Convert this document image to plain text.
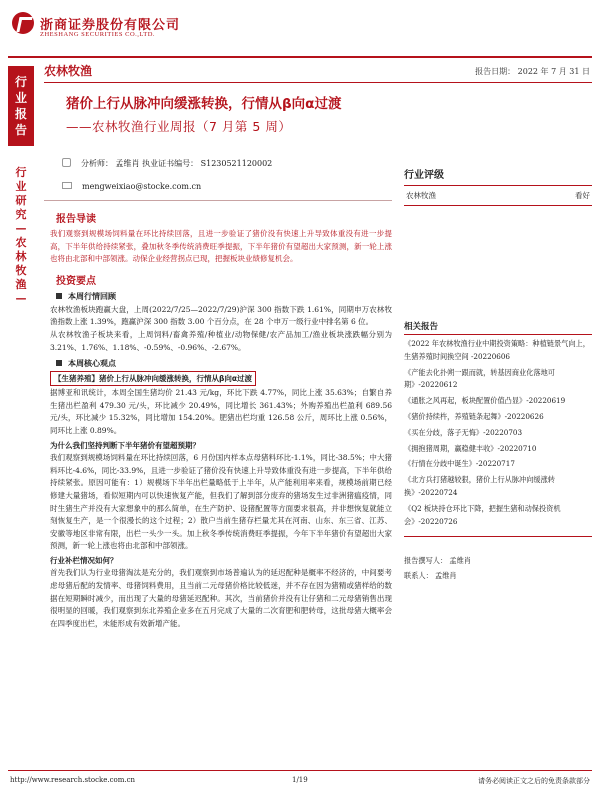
浙商证券股份有限公司
ZHESHANG SECURITIES CO.,LTD.
行
业
报
告
行
业
研
究
—
农
林
牧
渔
—
农林牧渔	报告日期： 2022 年 7 月 31 日
猪价上行从脉冲向缓涨转换，行情从β向α过渡
——农林牧渔行业周报（7 月第 5 周）
分析师： 孟维肖 执业证书编号： S1230521120002
mengweixiao@stocke.com.cn
报告导读
我们观察到规模场饲料量在环比持续回落，且进一步验证了猪价没有快速上升导致体重没有进一步提高，下半年供给持续紧张，叠加秋冬季传统消费旺季提振，下半年猪价有望超出大家预测，新一轮上涨也将由北部和中部领涨。动保企业经营拐点已现，把握板块业绩修复机会。
投资要点
本周行情回顾
农林牧渔板块跑赢大盘，上周(2022/7/25—2022/7/29)沪深 300 指数下跌 1.61%，同期申万农林牧渔指数上涨 1.39%，跑赢沪深 300 指数 3.00 个百分点，在 28 个申万一级行业中排名第 6 位。
从农林牧渔子板块来看，上周饲料/畜禽养殖/种植业/动物保健/农产品加工/渔业板块涨跌幅分别为 3.21%、1.76%、1.18%、-0.59%、-0.96%、-2.67%。
本周核心观点
【生猪养殖】猪价上行从脉冲向缓涨转换，行情从β向α过渡
据博亚和讯统计，本周全国生猪均价 21.43 元/kg，环比下跌 4.77%，同比上涨 35.63%；自繁自养生猪出栏盈利 479.30 元/头，环比减少 20.49%，同比增长 361.43%；外购养殖出栏盈利 689.56 元/头，环比减少 15.32%，同比增加 154.20%。肥猪出栏均重 126.58 公斤，周环比上涨 0.56%，同环比上涨 0.89%。
为什么我们坚持判断下半年猪价有望超预期？
我们观察到规模场饲料量在环比持续回落，6 月份国内样本点母猪料环比-1.1%，同比-38.5%；中大猪料环比-4.6%，同比-33.9%，且进一步验证了猪价没有快速上升导致体重没有进一步提高，下半年供给持续紧张。原因可能有：1）规模场下半年出栏量略低于上半年，从产能利用率来看，规模场前期已经修建大量猪场，看似短期内可以快速恢复产能，但我们了解到部分废弃的猪场发生过非洲猪瘟疫情，同时生猪生产并没有大家想象中的那么简单，在生产防护、设猪配置等方面要求很高，并非想恢复就能立刻恢复生产，是一个很漫长的这个过程；2）散户当前生猪存栏量尤其在河南、山东、东三省、江苏、安徽等地区非常有限，出栏一头少一头。加上秋冬季传统消费旺季提振，今年下半年猪价有望超出大家预测，新一轮上涨也将由北部和中部领涨。
行业补栏情况如何？
首先我们认为行业母猪淘汰是充分的，我们观察到市场普遍认为的延迟配种是概率不经济的，中间要考虑母猪后配的发情率、母猪饲料费用，且当前二元母猪价格比较低迷，并不存在因为猪精或猪样给的数据在短期瞬时减少，而出现了大量的母猪延迟配种。其次，当前猪价并没有让仔猪和二元母猪销售出现很明显的回暖，我们观察到东北养殖企业多在五月完成了大量的二次育肥和肥转母，这批母猪大概率会在四季度出栏，未能形成有效新增产能。
行业评级
农林牧渔	看好
相关报告
《2022 年农林牧渔行业中期投资策略：种植链景气向上，生猪养殖时间换空间 -20220606
《产能去化扑朔一跟而就，转基因商业化落地可期》-20220612
《通胀之风再起，板块配置价值凸显》-20220619
《猪价持续杵，养殖链条起舞》-20220626
《买在分歧，落子无悔》-20220703
《拥抱猪周期，赢稳健丰收》-20220710
《行情在分歧中诞生》-20220717
《北方兵打猪越较狠，猪价上行从脉冲向缓涨转换》-20220724
《Q2 板块持仓环比下降，把握生猪和动保投资机会》-20220726
报告撰写人： 孟维肖
联系人： 孟维肖
http://www.research.stocke.com.cn	1/19	请务必阅读正文之后的免责条款部分
